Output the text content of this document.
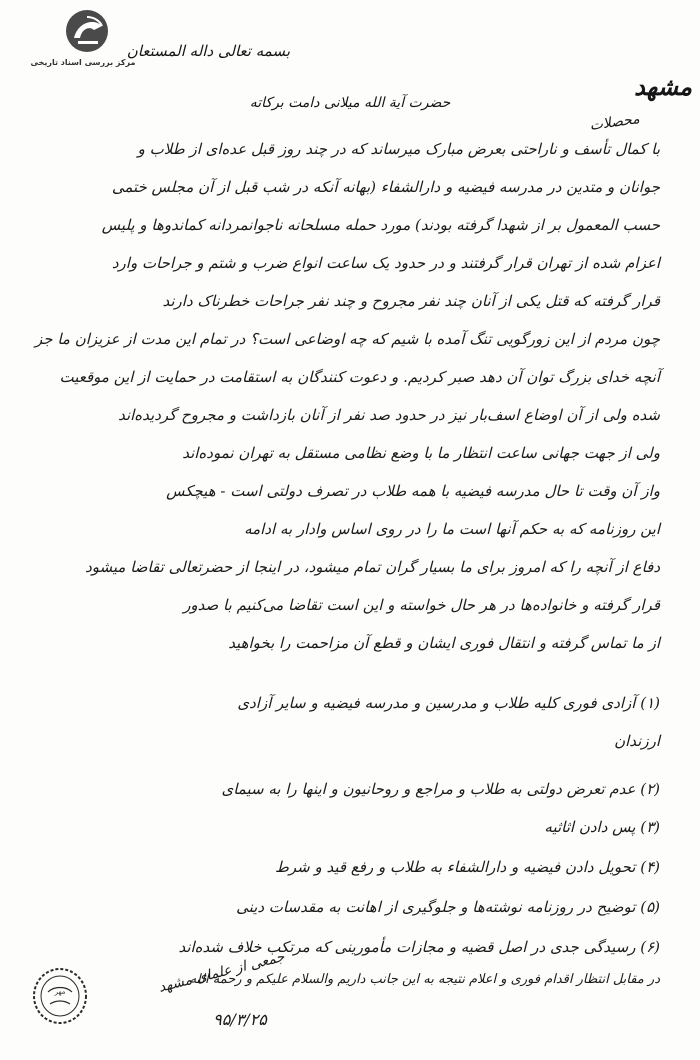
مرکز بررسی اسناد تاریخی
بسمه تعالی داله المستعان
مشهد
حضرت آیة الله میلانی دامت برکاته
محصلات
با کمال تأسف و ناراحتی بعرض مبارک میرساند که در چند روز قبل عده‌ای از طلاب و
جوانان و متدین در مدرسه فیضیه و دارالشفاء (بهانه آنکه در شب قبل از آن مجلس ختمی
حسب المعمول بر از شهدا گرفته بودند) مورد حمله مسلحانه ناجوانمردانه کماندوها و پلیس
اعزام شده از تهران قرار گرفتند و در حدود یک ساعت انواع ضرب و شتم و جراحات وارد
قرار گرفته که قتل یکی از آنان چند نفر مجروح و چند نفر جراحات خطرناک دارند
چون مردم از این زورگویی تنگ آمده با شیم که چه اوضاعی است؟ در تمام این مدت از عزیزان ما جز
آنچه خدای بزرگ توان آن دهد صبر کردیم. و دعوت کنندگان به استقامت در حمایت از این موقعیت
شده ولی از آن اوضاع اسف‌بار نیز در حدود صد نفر از آنان بازداشت و مجروح گردیده‌اند
ولی از جهت جهانی ساعت انتظار ما با وضع نظامی مستقل به تهران نموده‌اند
واز آن وقت تا حال مدرسه فیضیه با همه طلاب در تصرف دولتی است - هیچکس
این روزنامه که به حکم آنها است ما را در روی اساس وادار به ادامه
دفاع از آنچه را که امروز برای ما بسیار گران تمام میشود، در اینجا از حضرتعالی تقاضا میشود
قرار گرفته و خانواده‌ها در هر حال خواسته و این است تقاضا می‌کنیم با صدور
از ما تماس گرفته و انتقال فوری ایشان و قطع آن مزاحمت را بخواهید
(۱) آزادی فوری کلیه طلاب و مدرسین و مدرسه فیضیه و سایر آزادی
ارزندان
(۲) عدم تعرض دولتی به طلاب و مراجع و روحانیون و اینها را به سیمای
(۳) پس دادن اثاثیه
(۴) تحویل دادن فیضیه و دارالشفاء به طلاب و رفع قید و شرط
(۵) توضیح در روزنامه نوشته‌ها و جلوگیری از اهانت به مقدسات دینی
(۶) رسیدگی جدی در اصل قضیه و مجازات مأمورینی که مرتکب خلاف شده‌اند
در مقابل انتظار اقدام فوری و اعلام نتیجه به این جانب داریم والسلام علیکم و رحمة الله
جمعی از علمای مشهد
۹۵/۳/۲۵
مهر
